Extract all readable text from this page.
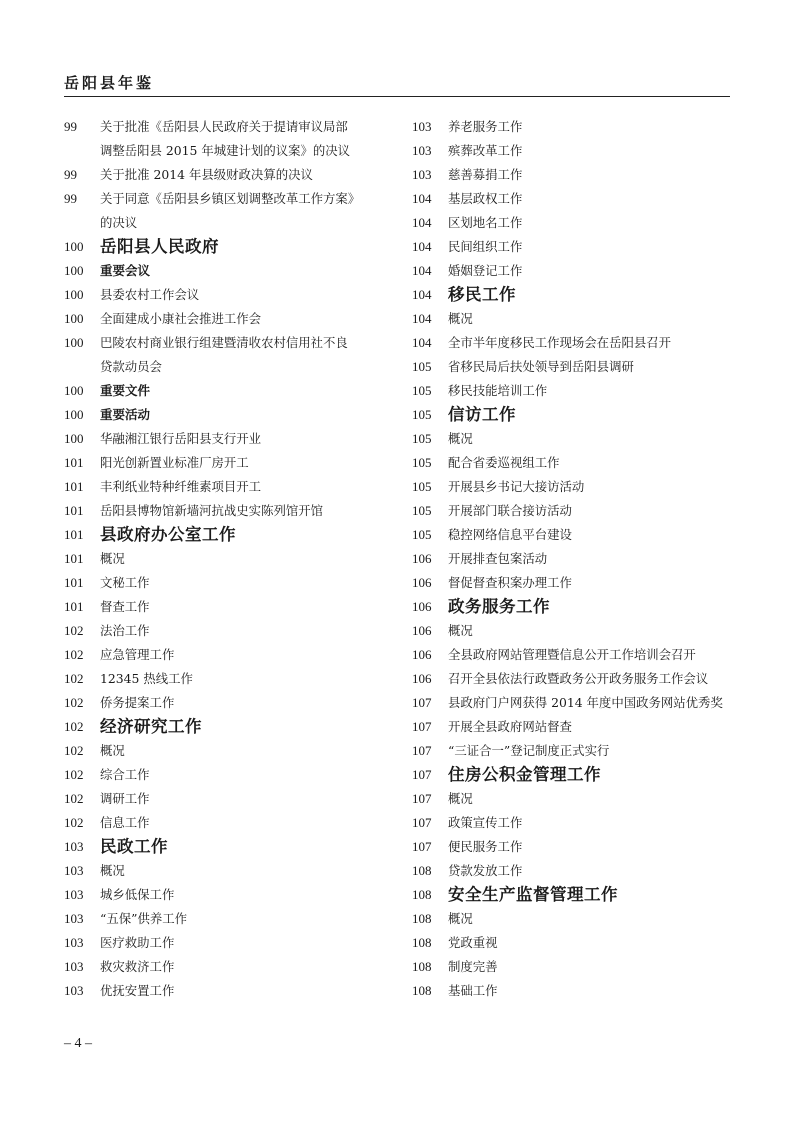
岳阳县年鉴
99	关于批准《岳阳县人民政府关于提请审议局部
调整岳阳县 2015 年城建计划的议案》的决议
99	关于批准 2014 年县级财政决算的决议
99	关于同意《岳阳县乡镇区划调整改革工作方案》
的决议
100	岳阳县人民政府
100	重要会议
100	县委农村工作会议
100	全面建成小康社会推进工作会
100	巴陵农村商业银行组建暨清收农村信用社不良
贷款动员会
100	重要文件
100	重要活动
100	华融湘江银行岳阳县支行开业
101	阳光创新置业标准厂房开工
101	丰利纸业特种纤维素项目开工
101	岳阳县博物馆新墙河抗战史实陈列馆开馆
101	县政府办公室工作
101	概况
101	文秘工作
101	督查工作
102	法治工作
102	应急管理工作
102	12345 热线工作
102	侨务提案工作
102	经济研究工作
102	概况
102	综合工作
102	调研工作
102	信息工作
103	民政工作
103	概况
103	城乡低保工作
103	“五保”供养工作
103	医疗救助工作
103	救灾救济工作
103	优抚安置工作
103	养老服务工作
103	殡葬改革工作
103	慈善募捐工作
104	基层政权工作
104	区划地名工作
104	民间组织工作
104	婚姻登记工作
104	移民工作
104	概况
104	全市半年度移民工作现场会在岳阳县召开
105	省移民局后扶处领导到岳阳县调研
105	移民技能培训工作
105	信访工作
105	概况
105	配合省委巡视组工作
105	开展县乡书记大接访活动
105	开展部门联合接访活动
105	稳控网络信息平台建设
106	开展排查包案活动
106	督促督查积案办理工作
106	政务服务工作
106	概况
106	全县政府网站管理暨信息公开工作培训会召开
106	召开全县依法行政暨政务公开政务服务工作会议
107	县政府门户网获得 2014 年度中国政务网站优秀奖
107	开展全县政府网站督查
107	“三证合一”登记制度正式实行
107	住房公积金管理工作
107	概况
107	政策宣传工作
107	便民服务工作
108	贷款发放工作
108	安全生产监督管理工作
108	概况
108	党政重视
108	制度完善
108	基础工作
– 4 –
